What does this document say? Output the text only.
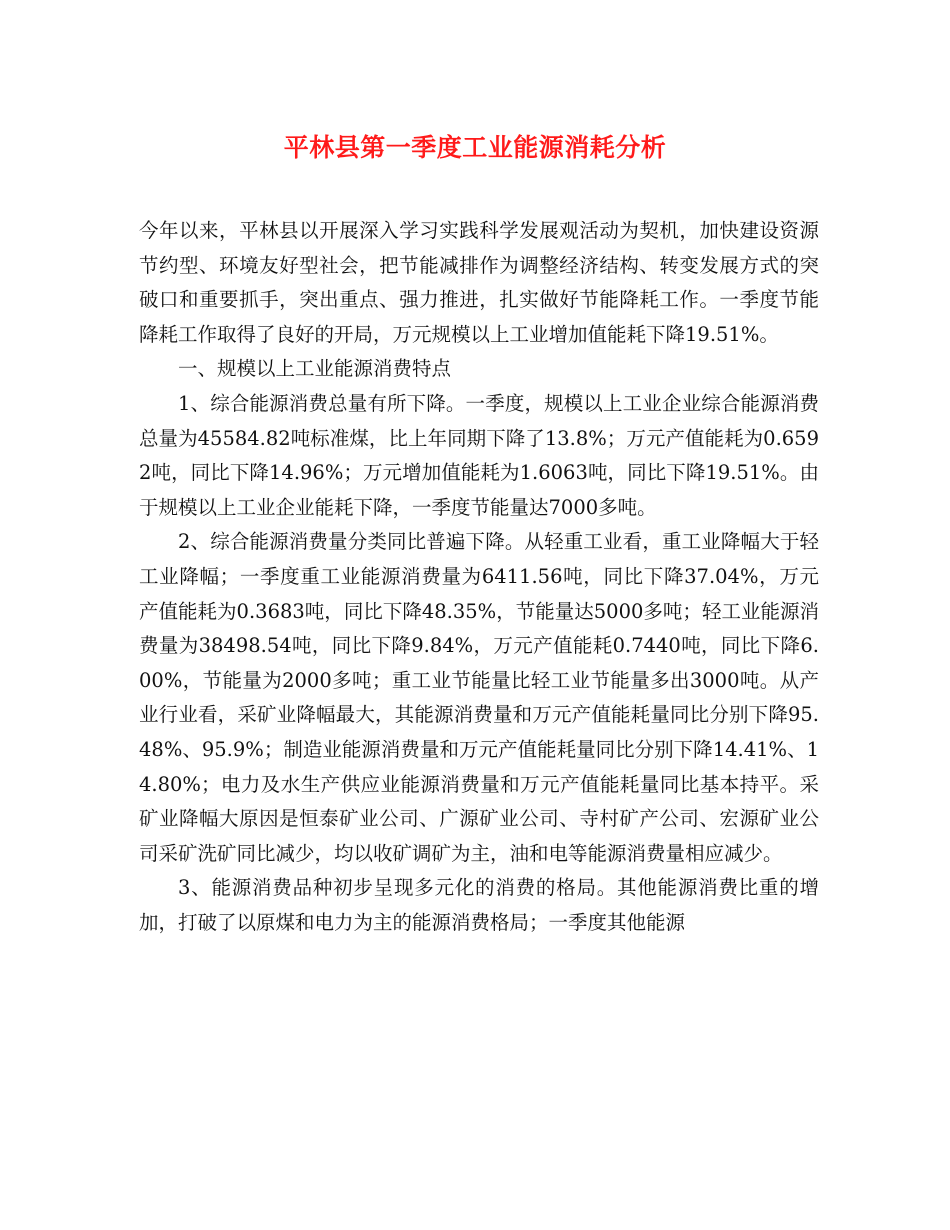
平林县第一季度工业能源消耗分析

今年以来，平林县以开展深入学习实践科学发展观活动为契机，加快建设资源节约型、环境友好型社会，把节能减排作为调整经济结构、转变发展方式的突破口和重要抓手，突出重点、强力推进，扎实做好节能降耗工作。一季度节能降耗工作取得了良好的开局，万元规模以上工业增加值能耗下降19.51%。

一、规模以上工业能源消费特点

1、综合能源消费总量有所下降。一季度，规模以上工业企业综合能源消费总量为45584.82吨标准煤，比上年同期下降了13.8%；万元产值能耗为0.6592吨，同比下降14.96%；万元增加值能耗为1.6063吨，同比下降19.51%。由于规模以上工业企业能耗下降，一季度节能量达7000多吨。

2、综合能源消费量分类同比普遍下降。从轻重工业看，重工业降幅大于轻工业降幅；一季度重工业能源消费量为6411.56吨，同比下降37.04%，万元产值能耗为0.3683吨，同比下降48.35%，节能量达5000多吨；轻工业能源消费量为38498.54吨，同比下降9.84%，万元产值能耗0.7440吨，同比下降6.00%，节能量为2000多吨；重工业节能量比轻工业节能量多出3000吨。从产业行业看，采矿业降幅最大，其能源消费量和万元产值能耗量同比分别下降95.48%、95.9%；制造业能源消费量和万元产值能耗量同比分别下降14.41%、14.80%；电力及水生产供应业能源消费量和万元产值能耗量同比基本持平。采矿业降幅大原因是恒泰矿业公司、广源矿业公司、寺村矿产公司、宏源矿业公司采矿洗矿同比减少，均以收矿调矿为主，油和电等能源消费量相应减少。

3、能源消费品种初步呈现多元化的消费的格局。其他能源消费比重的增加，打破了以原煤和电力为主的能源消费格局；一季度其他能源
